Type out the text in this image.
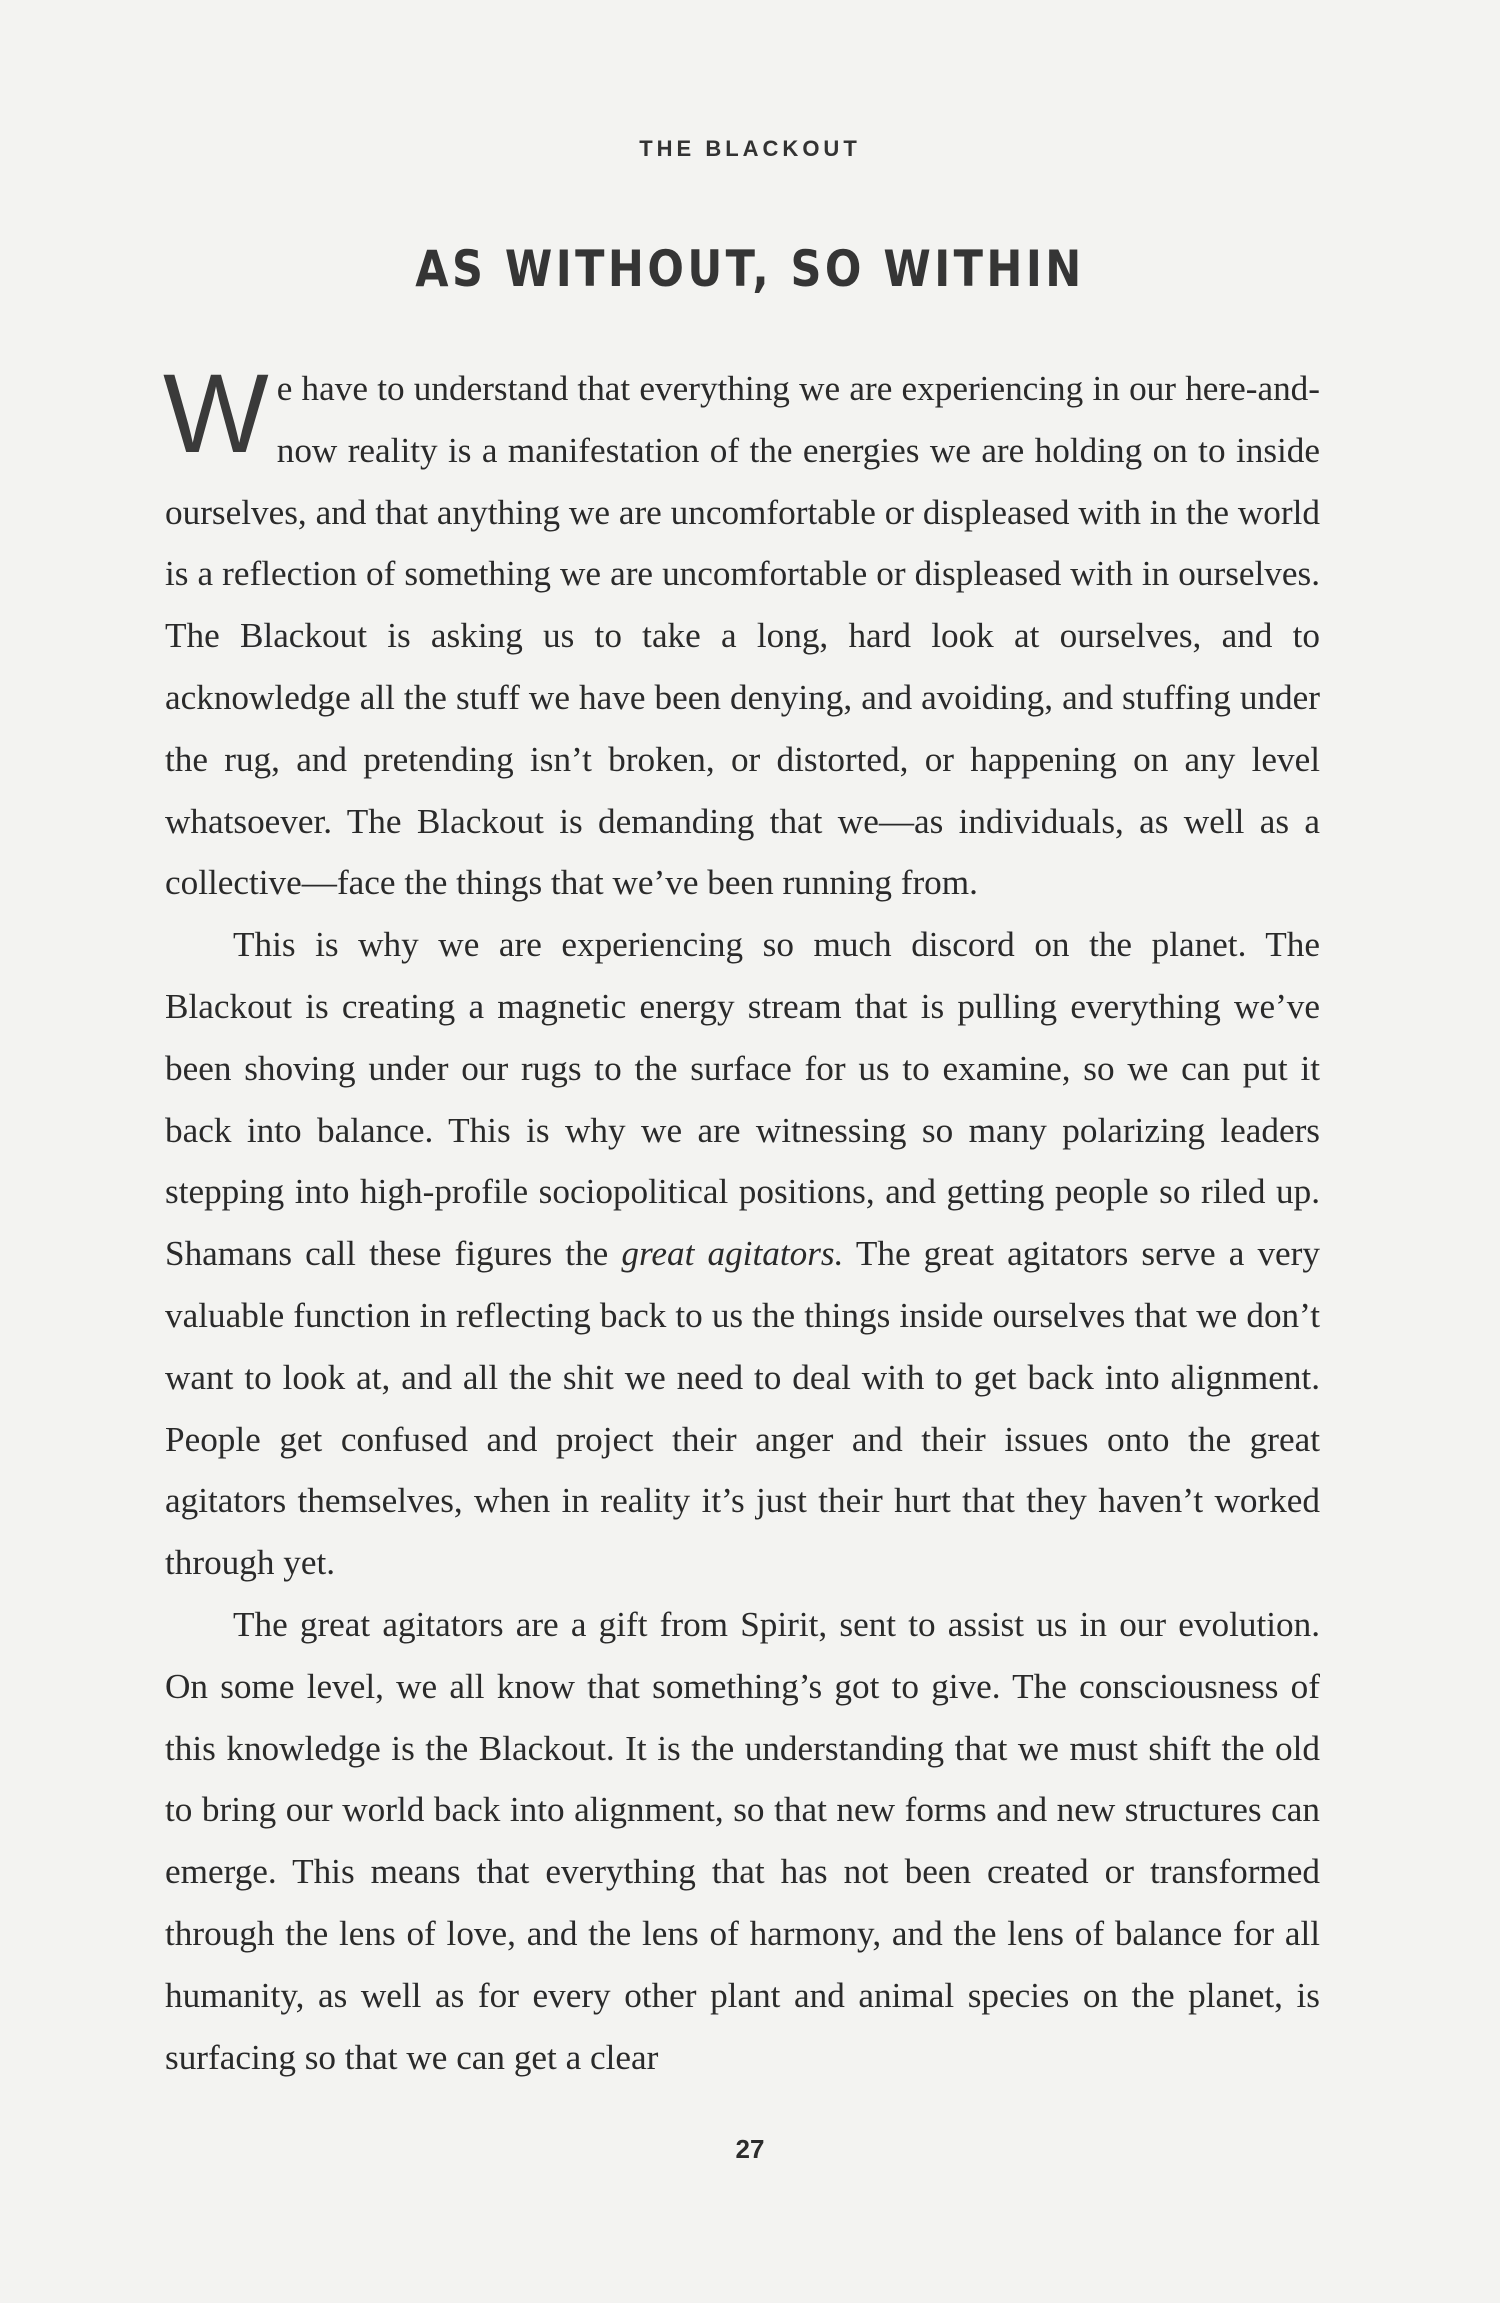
THE BLACKOUT
AS WITHOUT, SO WITHIN

We have to understand that everything we are experiencing in our here-and-now reality is a manifestation of the energies we are holding on to inside ourselves, and that anything we are uncomfortable or displeased with in the world is a reflection of something we are uncomfortable or displeased with in ourselves. The Blackout is asking us to take a long, hard look at ourselves, and to acknowledge all the stuff we have been denying, and avoiding, and stuffing under the rug, and pretending isn’t broken, or distorted, or happening on any level whatsoever. The Blackout is demanding that we—as individuals, as well as a collective—face the things that we’ve been running from.

This is why we are experiencing so much discord on the planet. The Blackout is creating a magnetic energy stream that is pulling everything we’ve been shoving under our rugs to the surface for us to examine, so we can put it back into balance. This is why we are witnessing so many polarizing leaders stepping into high-profile sociopolitical positions, and getting people so riled up. Shamans call these figures the great agitators. The great agitators serve a very valuable function in reflecting back to us the things inside ourselves that we don’t want to look at, and all the shit we need to deal with to get back into alignment. People get confused and project their anger and their issues onto the great agitators themselves, when in reality it’s just their hurt that they haven’t worked through yet.

The great agitators are a gift from Spirit, sent to assist us in our evolution. On some level, we all know that something’s got to give. The consciousness of this knowledge is the Blackout. It is the understanding that we must shift the old to bring our world back into alignment, so that new forms and new structures can emerge. This means that everything that has not been created or transformed through the lens of love, and the lens of harmony, and the lens of balance for all humanity, as well as for every other plant and animal species on the planet, is surfacing so that we can get a clear

27
